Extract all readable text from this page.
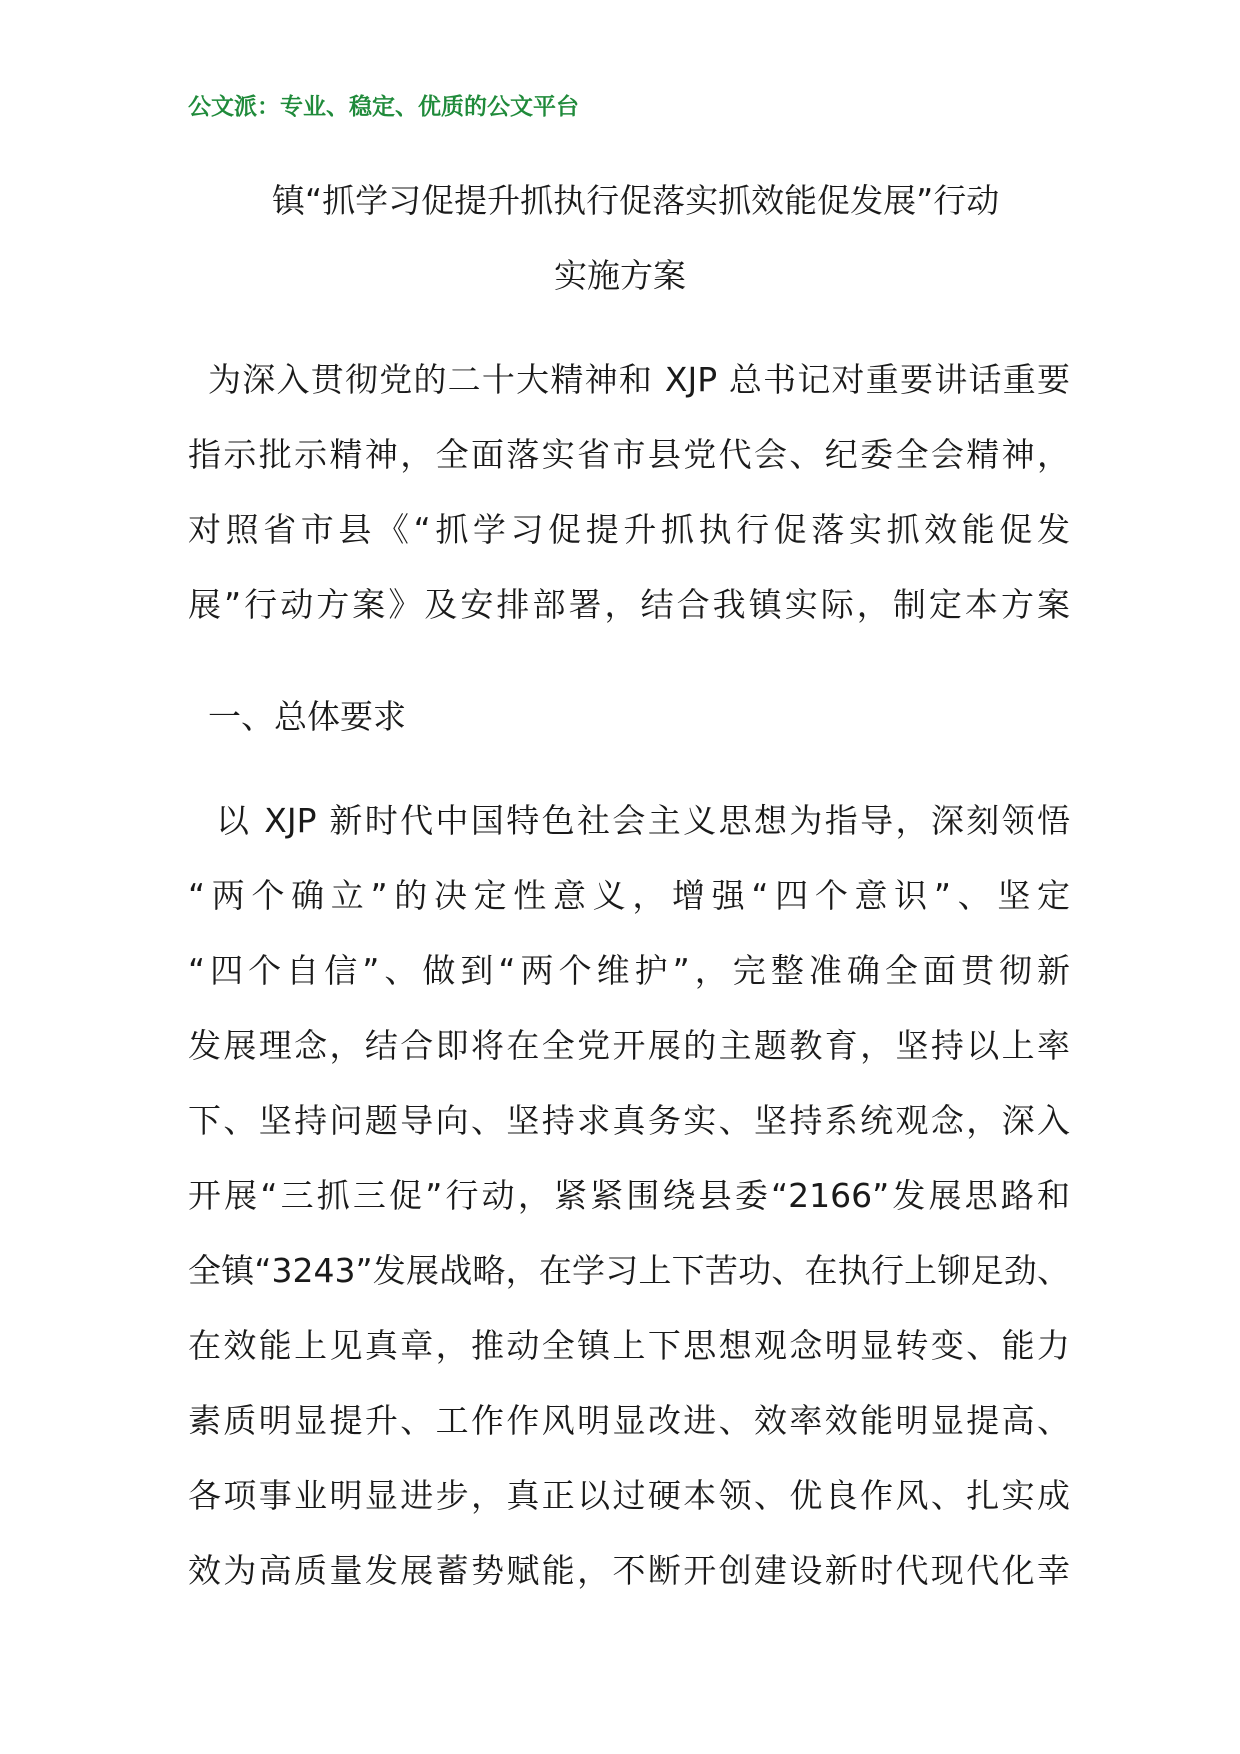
公文派：专业、稳定、优质的公文平台
镇“抓学习促提升抓执行促落实抓效能促发展”行动
实施方案
为深入贯彻党的二十大精神和 XJP 总书记对重要讲话重要
指示批示精神，全面落实省市县党代会、纪委全会精神，
对照省市县《“抓学习促提升抓执行促落实抓效能促发
展”行动方案》及安排部署，结合我镇实际，制定本方案
一、总体要求
以 XJP 新时代中国特色社会主义思想为指导，深刻领悟
“两个确立”的决定性意义，增强“四个意识”、坚定
“四个自信”、做到“两个维护”，完整准确全面贯彻新
发展理念，结合即将在全党开展的主题教育，坚持以上率
下、坚持问题导向、坚持求真务实、坚持系统观念，深入
开展“三抓三促”行动，紧紧围绕县委“2166”发展思路和
全镇“3243”发展战略，在学习上下苦功、在执行上铆足劲、
在效能上见真章，推动全镇上下思想观念明显转变、能力
素质明显提升、工作作风明显改进、效率效能明显提高、
各项事业明显进步，真正以过硬本领、优良作风、扎实成
效为高质量发展蓄势赋能，不断开创建设新时代现代化幸
